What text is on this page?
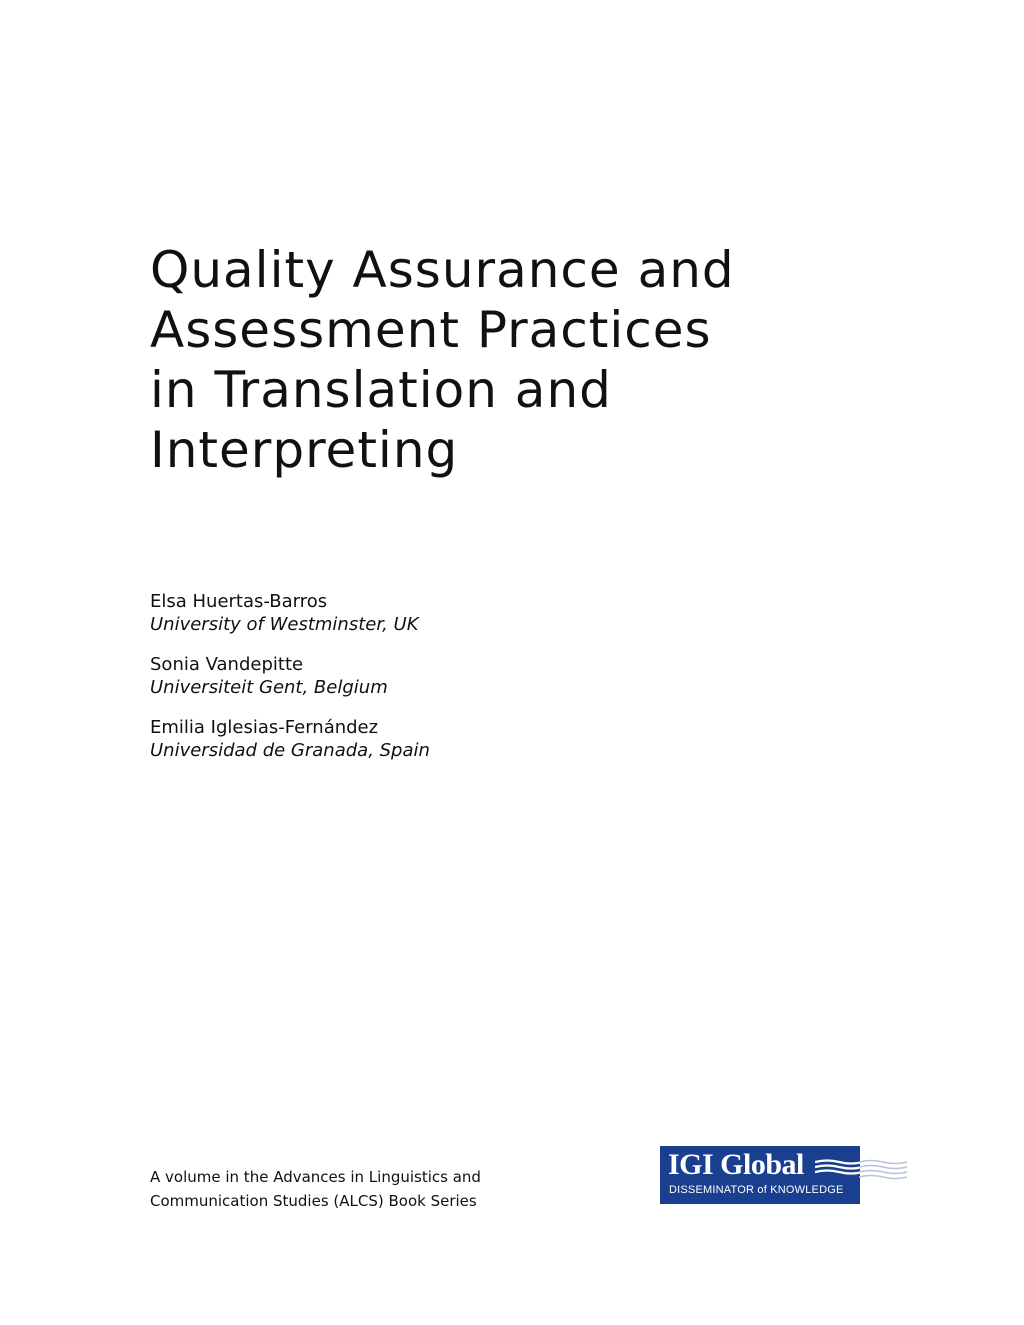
Quality Assurance and
Assessment Practices
in Translation and
Interpreting
Elsa Huertas-Barros
University of Westminster, UK
Sonia Vandepitte
Universiteit Gent, Belgium
Emilia Iglesias-Fernández
Universidad de Granada, Spain
A volume in the Advances in Linguistics and
Communication Studies (ALCS) Book Series
IGI Global
DISSEMINATOR of KNOWLEDGE
